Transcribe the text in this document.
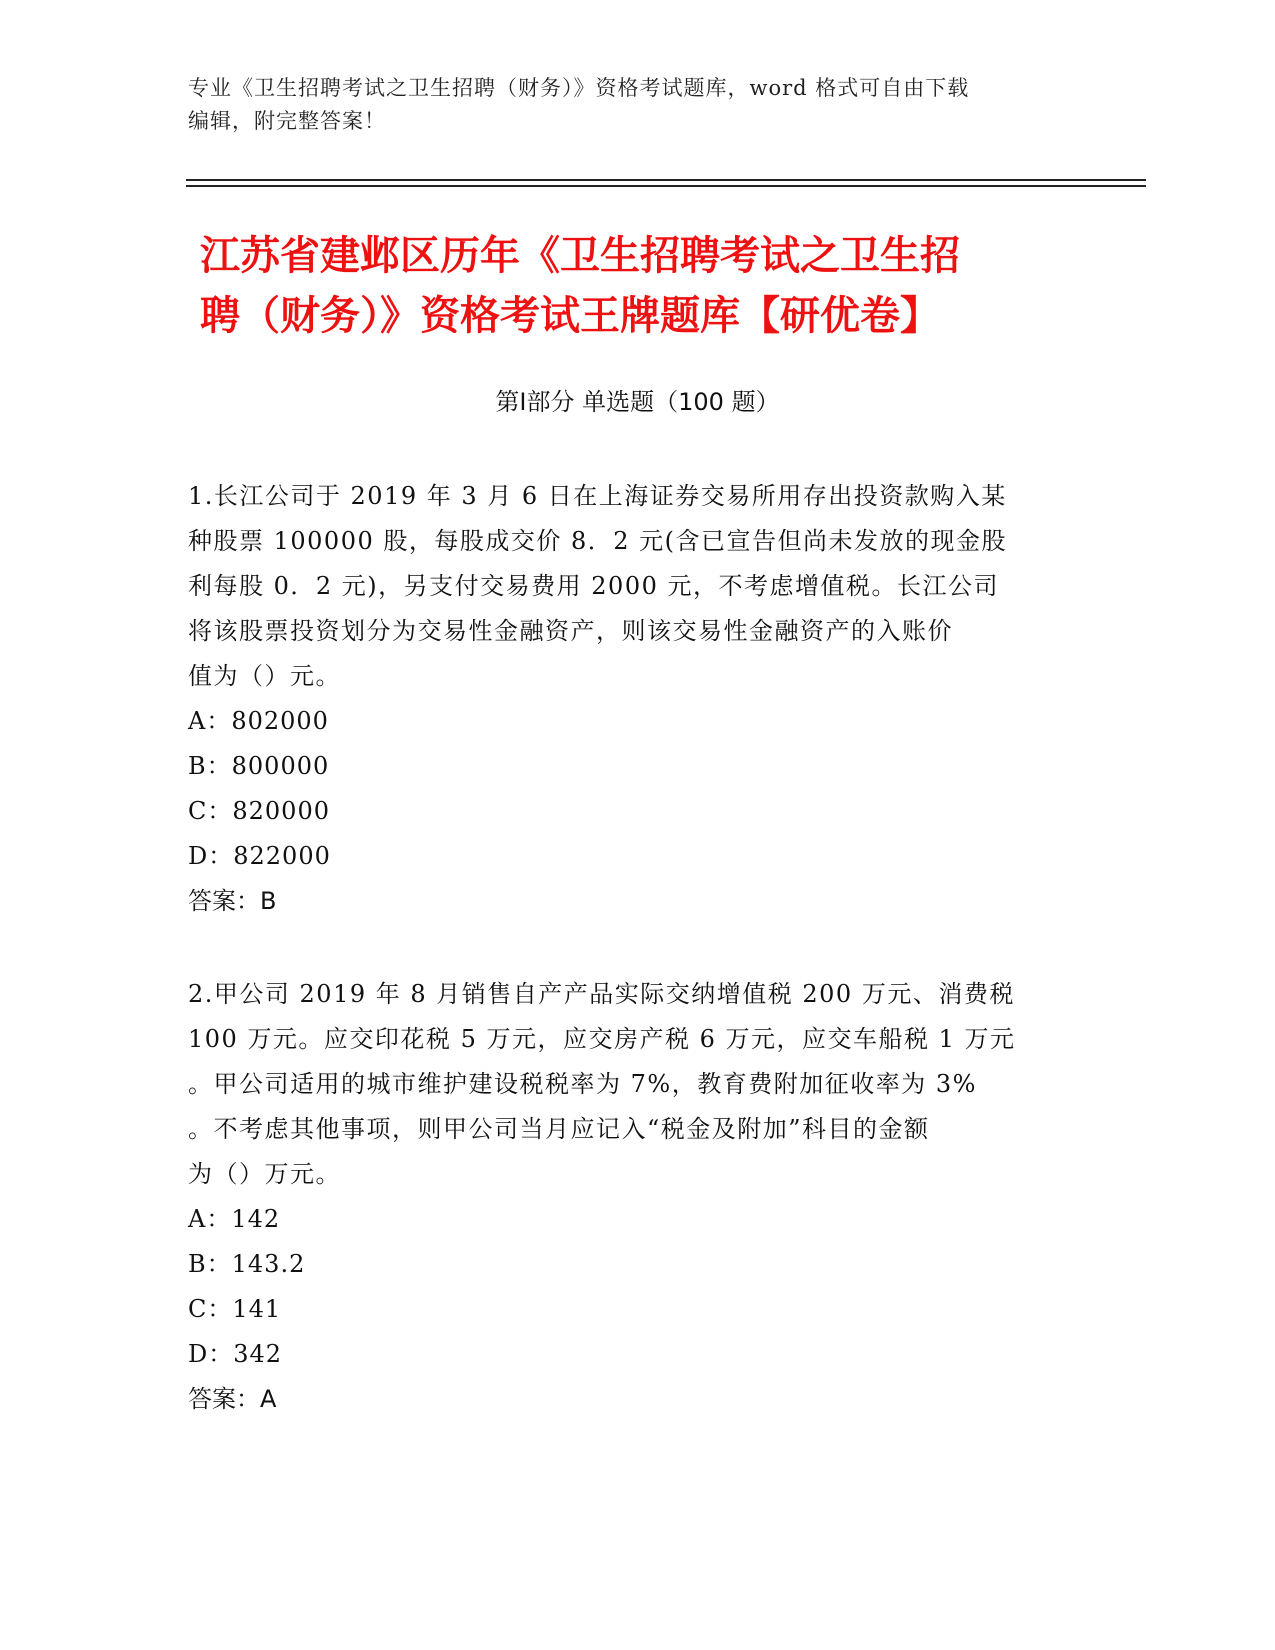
专业《卫生招聘考试之卫生招聘（财务）》资格考试题库，word 格式可自由下载
编辑，附完整答案！
江苏省建邺区历年《卫生招聘考试之卫生招
聘（财务）》资格考试王牌题库【研优卷】
第Ⅰ部分 单选题（100 题）

1.长江公司于 2019 年 3 月 6 日在上海证券交易所用存出投资款购入某

种股票 100000 股，每股成交价 8．2 元(含已宣告但尚未发放的现金股

利每股 0．2 元)，另支付交易费用 2000 元，不考虑增值税。长江公司

将该股票投资划分为交易性金融资产，则该交易性金融资产的入账价

值为（）元。

A：802000

B：800000

C：820000

D：822000

答案：B

2.甲公司 2019 年 8 月销售自产产品实际交纳增值税 200 万元、消费税

100 万元。应交印花税 5 万元，应交房产税 6 万元，应交车船税 1 万元

。甲公司适用的城市维护建设税税率为 7%，教育费附加征收率为 3%

。不考虑其他事项，则甲公司当月应记入“税金及附加”科目的金额

为（）万元。

A：142

B：143.2

C：141

D：342

答案：A
